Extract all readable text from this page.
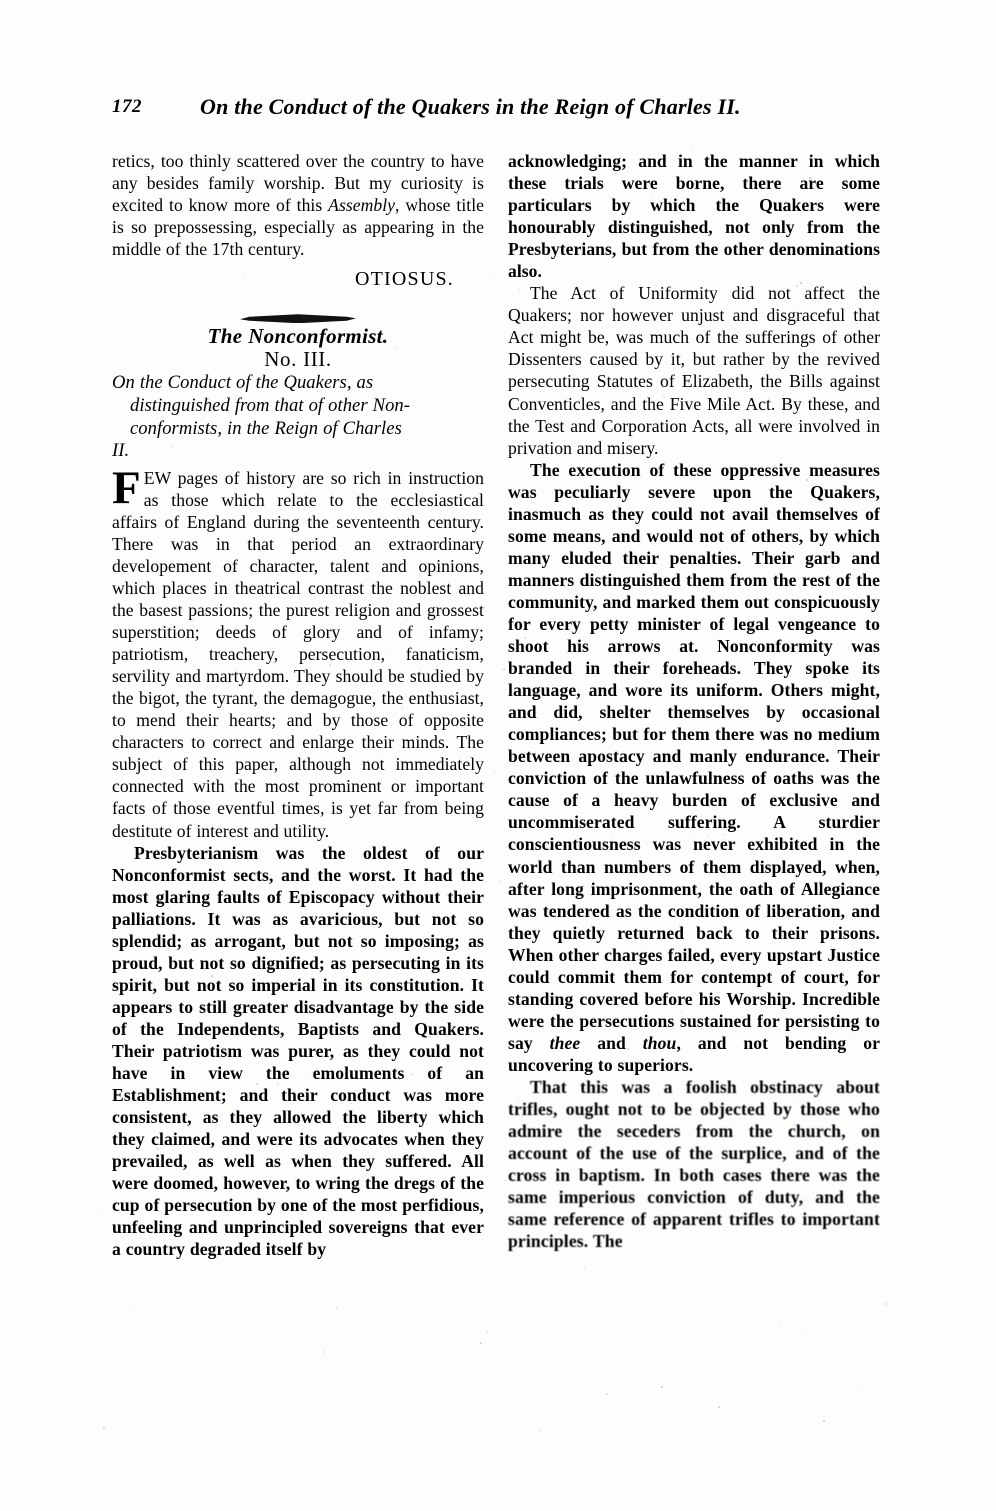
172	On the Conduct of the Quakers in the Reign of Charles II.

retics, too thinly scattered over the country to have any besides family worship. But my curiosity is excited to know more of this Assembly, whose title is so prepossessing, especially as appearing in the middle of the 17th century.

OTIOSUS.

The Nonconformist.

No. III.

On the Conduct of the Quakers, as
distinguished from that of other Non-
conformists, in the Reign of Charles
II.

FEW pages of history are so rich in instruction as those which relate to the ecclesiastical affairs of England during the seventeenth century. There was in that period an extraordinary developement of character, talent and opinions, which places in theatrical contrast the noblest and the basest passions; the purest religion and grossest superstition; deeds of glory and of infamy; patriotism, treachery, persecution, fanaticism, servility and martyrdom. They should be studied by the bigot, the tyrant, the demagogue, the enthusiast, to mend their hearts; and by those of opposite characters to correct and enlarge their minds. The subject of this paper, although not immediately connected with the most prominent or important facts of those eventful times, is yet far from being destitute of interest and utility.

Presbyterianism was the oldest of our Nonconformist sects, and the worst. It had the most glaring faults of Episcopacy without their palliations. It was as avaricious, but not so splendid; as arrogant, but not so imposing; as proud, but not so dignified; as persecuting in its spirit, but not so imperial in its constitution. It appears to still greater disadvantage by the side of the Independents, Baptists and Quakers. Their patriotism was purer, as they could not have in view the emoluments of an Establishment; and their conduct was more consistent, as they allowed the liberty which they claimed, and were its advocates when they prevailed, as well as when they suffered. All were doomed, however, to wring the dregs of the cup of persecution by one of the most perfidious, unfeeling and unprincipled sovereigns that ever a country degraded itself by

acknowledging; and in the manner in which these trials were borne, there are some particulars by which the Quakers were honourably distinguished, not only from the Presbyterians, but from the other denominations also.

The Act of Uniformity did not affect the Quakers; nor however unjust and disgraceful that Act might be, was much of the sufferings of other Dissenters caused by it, but rather by the revived persecuting Statutes of Elizabeth, the Bills against Conventicles, and the Five Mile Act. By these, and the Test and Corporation Acts, all were involved in privation and misery.

The execution of these oppressive measures was peculiarly severe upon the Quakers, inasmuch as they could not avail themselves of some means, and would not of others, by which many eluded their penalties. Their garb and manners distinguished them from the rest of the community, and marked them out conspicuously for every petty minister of legal vengeance to shoot his arrows at. Nonconformity was branded in their foreheads. They spoke its language, and wore its uniform. Others might, and did, shelter themselves by occasional compliances; but for them there was no medium between apostacy and manly endurance. Their conviction of the unlawfulness of oaths was the cause of a heavy burden of exclusive and uncommiserated suffering. A sturdier conscientiousness was never exhibited in the world than numbers of them displayed, when, after long imprisonment, the oath of Allegiance was tendered as the condition of liberation, and they quietly returned back to their prisons. When other charges failed, every upstart Justice could commit them for contempt of court, for standing covered before his Worship. Incredible were the persecutions sustained for persisting to say thee and thou, and not bending or uncovering to superiors.

That this was a foolish obstinacy about trifles, ought not to be objected by those who admire the seceders from the church, on account of the use of the surplice, and of the cross in baptism. In both cases there was the same imperious conviction of duty, and the same reference of apparent trifles to important principles. The
